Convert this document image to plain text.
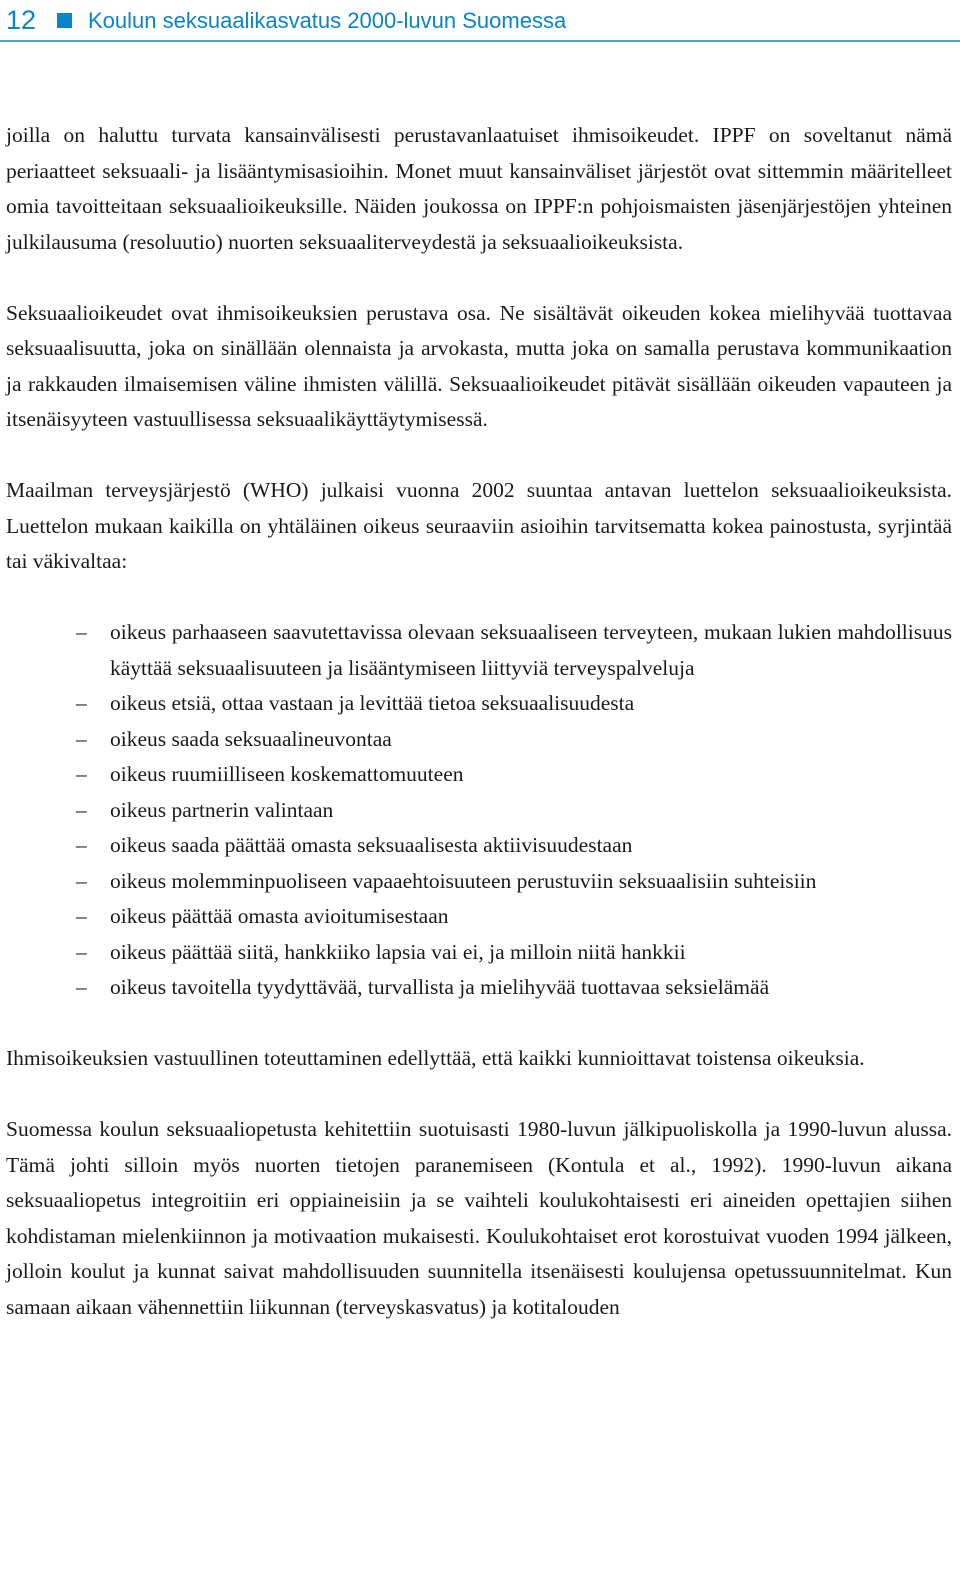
12 Koulun seksuaalikasvatus 2000-luvun Suomessa

joilla on haluttu turvata kansainvälisesti perustavanlaatuiset ihmisoikeudet. IPPF on soveltanut nämä periaatteet seksuaali- ja lisääntymisasioihin. Monet muut kansainväliset järjestöt ovat sittemmin määritelleet omia tavoitteitaan seksuaalioikeuksille. Näiden joukossa on IPPF:n pohjoismaisten jäsenjärjestöjen yhteinen julkilausuma (resoluutio) nuorten seksuaaliterveydestä ja seksuaalioikeuksista.

Seksuaalioikeudet ovat ihmisoikeuksien perustava osa. Ne sisältävät oikeuden kokea mielihyvää tuottavaa seksuaalisuutta, joka on sinällään olennaista ja arvokasta, mutta joka on samalla perustava kommunikaation ja rakkauden ilmaisemisen väline ihmisten välillä. Seksuaalioikeudet pitävät sisällään oikeuden vapauteen ja itsenäisyyteen vastuullisessa seksuaalikäyttäytymisessä.

Maailman terveysjärjestö (WHO) julkaisi vuonna 2002 suuntaa antavan luettelon seksuaalioikeuksista. Luettelon mukaan kaikilla on yhtäläinen oikeus seuraaviin asioihin tarvitsematta kokea painostusta, syrjintää tai väkivaltaa:

– oikeus parhaaseen saavutettavissa olevaan seksuaaliseen terveyteen, mukaan lukien mahdollisuus käyttää seksuaalisuuteen ja lisääntymiseen liittyviä terveyspalveluja
– oikeus etsiä, ottaa vastaan ja levittää tietoa seksuaalisuudesta
– oikeus saada seksuaalineuvontaa
– oikeus ruumiilliseen koskemattomuuteen
– oikeus partnerin valintaan
– oikeus saada päättää omasta seksuaalisesta aktiivisuudestaan
– oikeus molemminpuoliseen vapaaehtoisuuteen perustuviin seksuaalisiin suhteisiin
– oikeus päättää omasta avioitumisestaan
– oikeus päättää siitä, hankkiiko lapsia vai ei, ja milloin niitä hankkii
– oikeus tavoitella tyydyttävää, turvallista ja mielihyvää tuottavaa seksielämää

Ihmisoikeuksien vastuullinen toteuttaminen edellyttää, että kaikki kunnioittavat toistensa oikeuksia.

Suomessa koulun seksuaaliopetusta kehitettiin suotuisasti 1980-luvun jälkipuoliskolla ja 1990-luvun alussa. Tämä johti silloin myös nuorten tietojen paranemiseen (Kontula et al., 1992). 1990-luvun aikana seksuaaliopetus integroitiin eri oppiaineisiin ja se vaihteli koulukohtaisesti eri aineiden opettajien siihen kohdistaman mielenkiinnon ja motivaation mukaisesti. Koulukohtaiset erot korostuivat vuoden 1994 jälkeen, jolloin koulut ja kunnat saivat mahdollisuuden suunnitella itsenäisesti koulujensa opetussuunnitelmat. Kun samaan aikaan vähennettiin liikunnan (terveyskasvatus) ja kotitalouden
